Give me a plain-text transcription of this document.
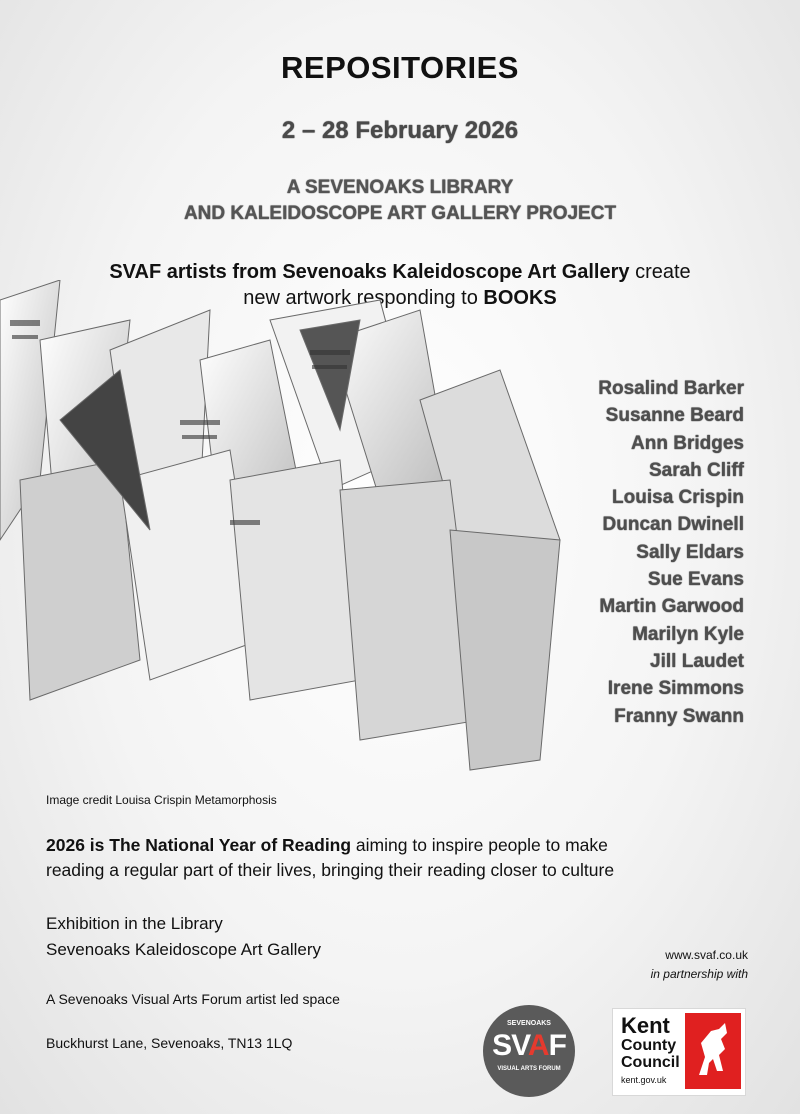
REPOSITORIES
2 – 28 February 2026
A SEVENOAKS LIBRARY
AND KALEIDOSCOPE ART GALLERY PROJECT
SVAF artists from Sevenoaks Kaleidoscope Art Gallery create
new artwork responding to BOOKS
Rosalind Barker
Susanne Beard
Ann Bridges
Sarah Cliff
Louisa Crispin
Duncan Dwinell
Sally Eldars
Sue Evans
Martin Garwood
Marilyn Kyle
Jill Laudet
Irene Simmons
Franny Swann
Image credit Louisa Crispin Metamorphosis
2026 is The National Year of Reading aiming to inspire people to make
reading a regular part of their lives, bringing their reading closer to culture
Exhibition in the Library
Sevenoaks Kaleidoscope Art Gallery
A Sevenoaks Visual Arts Forum artist led space
Buckhurst Lane, Sevenoaks, TN13 1LQ
www.svaf.co.uk
in partnership with
SEVENOAKS
SVAF
VISUAL ARTS FORUM
Kent
County
Council
kent.gov.uk
